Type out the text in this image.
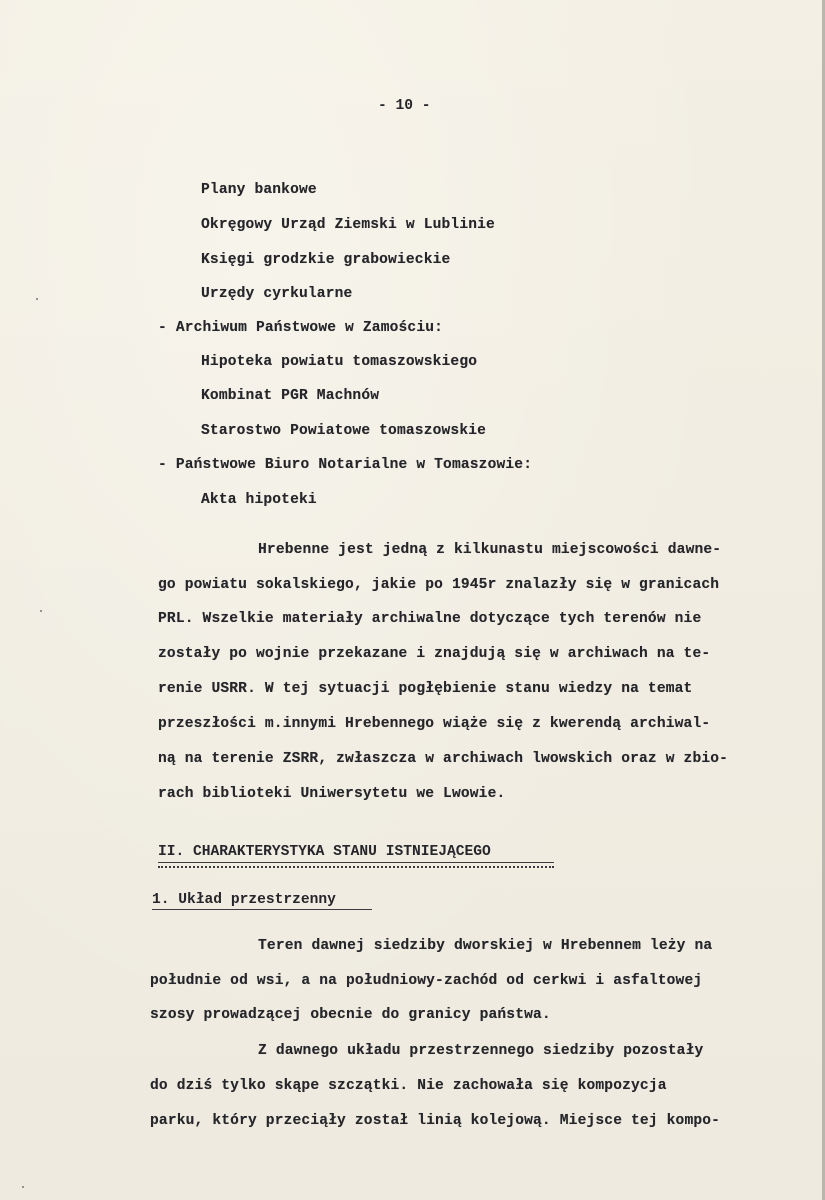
- 10 -
Plany bankowe
Okręgowy Urząd Ziemski w Lublinie
Księgi grodzkie grabowieckie
Urzędy cyrkularne
- Archiwum Państwowe w Zamościu:
Hipoteka powiatu tomaszowskiego
Kombinat PGR Machnów
Starostwo Powiatowe tomaszowskie
- Państwowe Biuro Notarialne w Tomaszowie:
Akta hipoteki
Hrebenne jest jedną z kilkunastu miejscowości dawne-
go powiatu sokalskiego, jakie po 1945r znalazły się w granicach
PRL. Wszelkie materiały archiwalne dotyczące tych terenów nie
zostały po wojnie przekazane i znajdują się w archiwach na te-
renie USRR. W tej sytuacji pogłębienie stanu wiedzy na temat
przeszłości m.innymi Hrebennego wiąże się z kwerendą archiwal-
ną na terenie ZSRR, zwłaszcza w archiwach lwowskich oraz w zbio-
rach biblioteki Uniwersytetu we Lwowie.
II. CHARAKTERYSTYKA STANU ISTNIEJĄCEGO
1. Układ przestrzenny
Teren dawnej siedziby dworskiej w Hrebennem leży na
południe od wsi, a na południowy-zachód od cerkwi i asfaltowej
szosy prowadzącej obecnie do granicy państwa.
Z dawnego układu przestrzennego siedziby pozostały
do dziś tylko skąpe szczątki. Nie zachowała się kompozycja
parku, który przeciąły został linią kolejową. Miejsce tej kompo-
